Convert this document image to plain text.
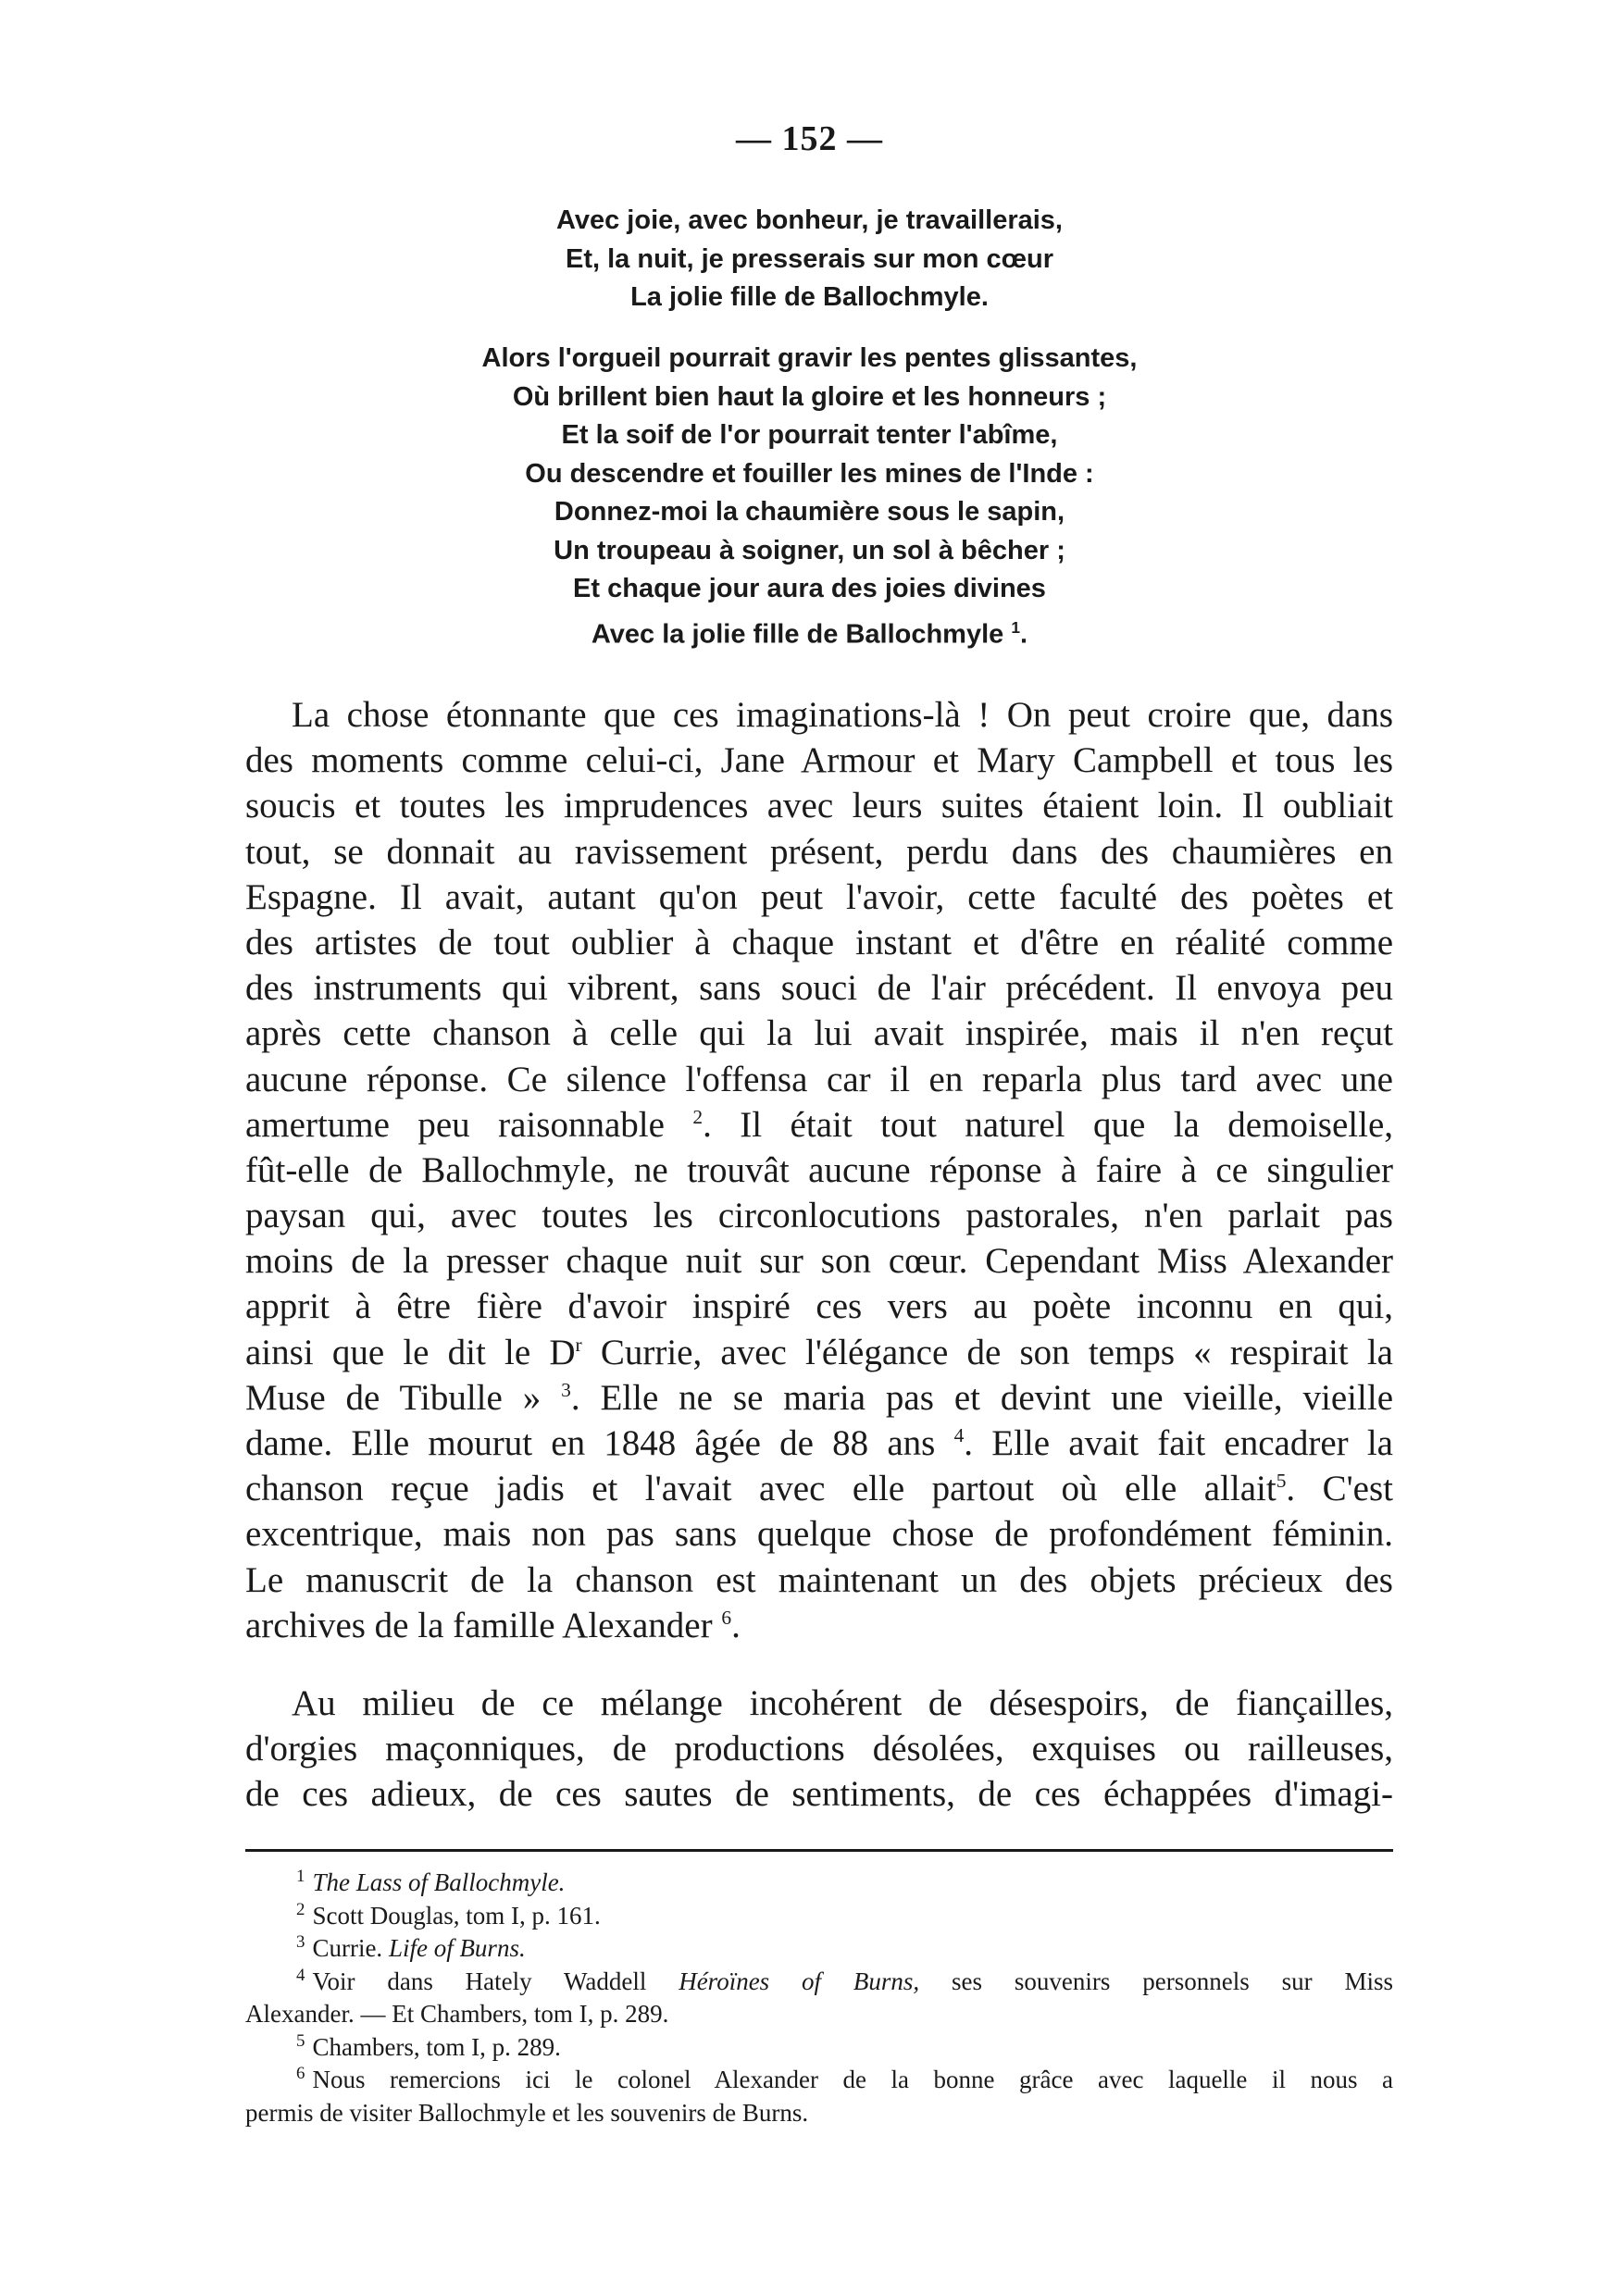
— 152 —
Avec joie, avec bonheur, je travaillerais,
Et, la nuit, je presserais sur mon cœur
La jolie fille de Ballochmyle.
Alors l'orgueil pourrait gravir les pentes glissantes,
Où brillent bien haut la gloire et les honneurs ;
Et la soif de l'or pourrait tenter l'abîme,
Ou descendre et fouiller les mines de l'Inde :
Donnez-moi la chaumière sous le sapin,
Un troupeau à soigner, un sol à bêcher ;
Et chaque jour aura des joies divines
Avec la jolie fille de Ballochmyle $^1$.
La chose étonnante que ces imaginations-là ! On peut croire que, dans
des moments comme celui-ci, Jane Armour et Mary Campbell et tous les
soucis et toutes les imprudences avec leurs suites étaient loin. Il oubliait
tout, se donnait au ravissement présent, perdu dans des chaumières en
Espagne. Il avait, autant qu'on peut l'avoir, cette faculté des poètes et
des artistes de tout oublier à chaque instant et d'être en réalité comme
des instruments qui vibrent, sans souci de l'air précédent. Il envoya peu
après cette chanson à celle qui la lui avait inspirée, mais il n'en reçut
aucune réponse. Ce silence l'offensa car il en reparla plus tard avec une
amertume peu raisonnable $^2$. Il était tout naturel que la demoiselle,
fût-elle de Ballochmyle, ne trouvât aucune réponse à faire à ce singulier
paysan qui, avec toutes les circonlocutions pastorales, n'en parlait pas
moins de la presser chaque nuit sur son cœur. Cependant Miss Alexander
apprit à être fière d'avoir inspiré ces vers au poète inconnu en qui,
ainsi que le dit le $D^r$ Currie, avec l'élégance de son temps « respirait la
Muse de Tibulle » $^3$. Elle ne se maria pas et devint une vieille, vieille
dame. Elle mourut en 1848 âgée de 88 ans $^4$. Elle avait fait encadrer la
chanson reçue jadis et l'avait avec elle partout où elle allait$^5$. C'est
excentrique, mais non pas sans quelque chose de profondément féminin.
Le manuscrit de la chanson est maintenant un des objets précieux des
archives de la famille Alexander $^6$.
Au milieu de ce mélange incohérent de désespoirs, de fiançailles,
d'orgies maçonniques, de productions désolées, exquises ou railleuses,
de ces adieux, de ces sautes de sentiments, de ces échappées d'imagi-
$^1$ The Lass of Ballochmyle.
$^2$ Scott Douglas, tom I, p. 161.
$^3$ Currie. Life of Burns.
$^4$ Voir dans Hately Waddell Héroïnes of Burns, ses souvenirs personnels sur Miss
Alexander. — Et Chambers, tom I, p. 289.
$^5$ Chambers, tom I, p. 289.
$^6$ Nous remercions ici le colonel Alexander de la bonne grâce avec laquelle il nous a
permis de visiter Ballochmyle et les souvenirs de Burns.
